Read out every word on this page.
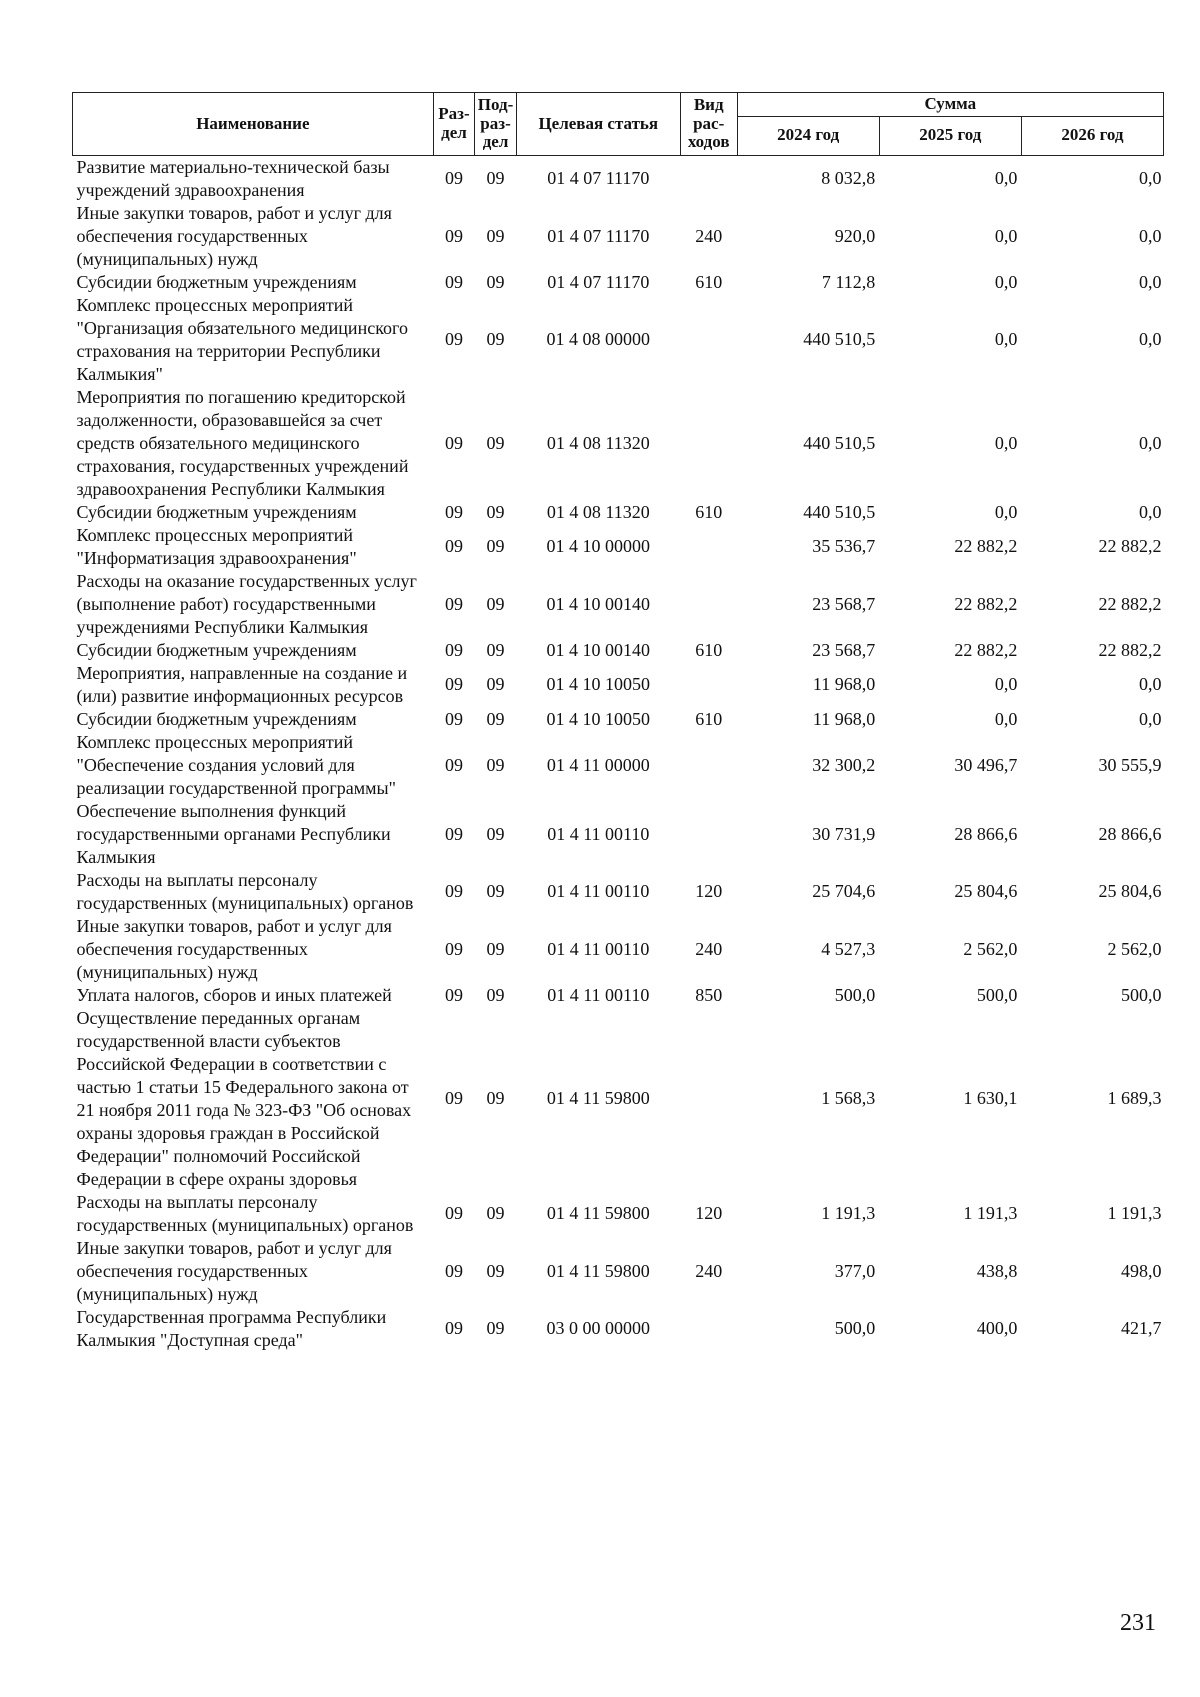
Наименование	Раз-дел	Под-раз-дел	Целевая статья	Вид рас-ходов	Сумма		
					2024 год	2025 год	2026 год
Развитие материально-технической базы учреждений здравоохранения	09	09	01 4 07 11170		8 032,8	0,0	0,0
Иные закупки товаров, работ и услуг для обеспечения государственных (муниципальных) нужд	09	09	01 4 07 11170	240	920,0	0,0	0,0
Субсидии бюджетным учреждениям	09	09	01 4 07 11170	610	7 112,8	0,0	0,0
Комплекс процессных мероприятий "Организация обязательного медицинского страхования на территории Республики Калмыкия"	09	09	01 4 08 00000		440 510,5	0,0	0,0
Мероприятия по погашению кредиторской задолженности, образовавшейся за счет средств обязательного медицинского страхования, государственных учреждений здравоохранения Республики Калмыкия	09	09	01 4 08 11320		440 510,5	0,0	0,0
Субсидии бюджетным учреждениям	09	09	01 4 08 11320	610	440 510,5	0,0	0,0
Комплекс процессных мероприятий "Информатизация здравоохранения"	09	09	01 4 10 00000		35 536,7	22 882,2	22 882,2
Расходы на оказание государственных услуг (выполнение работ) государственными учреждениями Республики Калмыкия	09	09	01 4 10 00140		23 568,7	22 882,2	22 882,2
Субсидии бюджетным учреждениям	09	09	01 4 10 00140	610	23 568,7	22 882,2	22 882,2
Мероприятия, направленные на создание и (или) развитие информационных ресурсов	09	09	01 4 10 10050		11 968,0	0,0	0,0
Субсидии бюджетным учреждениям	09	09	01 4 10 10050	610	11 968,0	0,0	0,0
Комплекс процессных мероприятий "Обеспечение создания условий для реализации государственной программы"	09	09	01 4 11 00000		32 300,2	30 496,7	30 555,9
Обеспечение выполнения функций государственными органами Республики Калмыкия	09	09	01 4 11 00110		30 731,9	28 866,6	28 866,6
Расходы на выплаты персоналу государственных (муниципальных) органов	09	09	01 4 11 00110	120	25 704,6	25 804,6	25 804,6
Иные закупки товаров, работ и услуг для обеспечения государственных (муниципальных) нужд	09	09	01 4 11 00110	240	4 527,3	2 562,0	2 562,0
Уплата налогов, сборов и иных платежей	09	09	01 4 11 00110	850	500,0	500,0	500,0
Осуществление переданных органам государственной власти субъектов Российской Федерации в соответствии с частью 1 статьи 15 Федерального закона от 21 ноября 2011 года № 323-ФЗ "Об основах охраны здоровья граждан в Российской Федерации" полномочий Российской Федерации в сфере охраны здоровья	09	09	01 4 11 59800		1 568,3	1 630,1	1 689,3
Расходы на выплаты персоналу государственных (муниципальных) органов	09	09	01 4 11 59800	120	1 191,3	1 191,3	1 191,3
Иные закупки товаров, работ и услуг для обеспечения государственных (муниципальных) нужд	09	09	01 4 11 59800	240	377,0	438,8	498,0
Государственная программа Республики Калмыкия "Доступная среда"	09	09	03 0 00 00000		500,0	400,0	421,7
231
